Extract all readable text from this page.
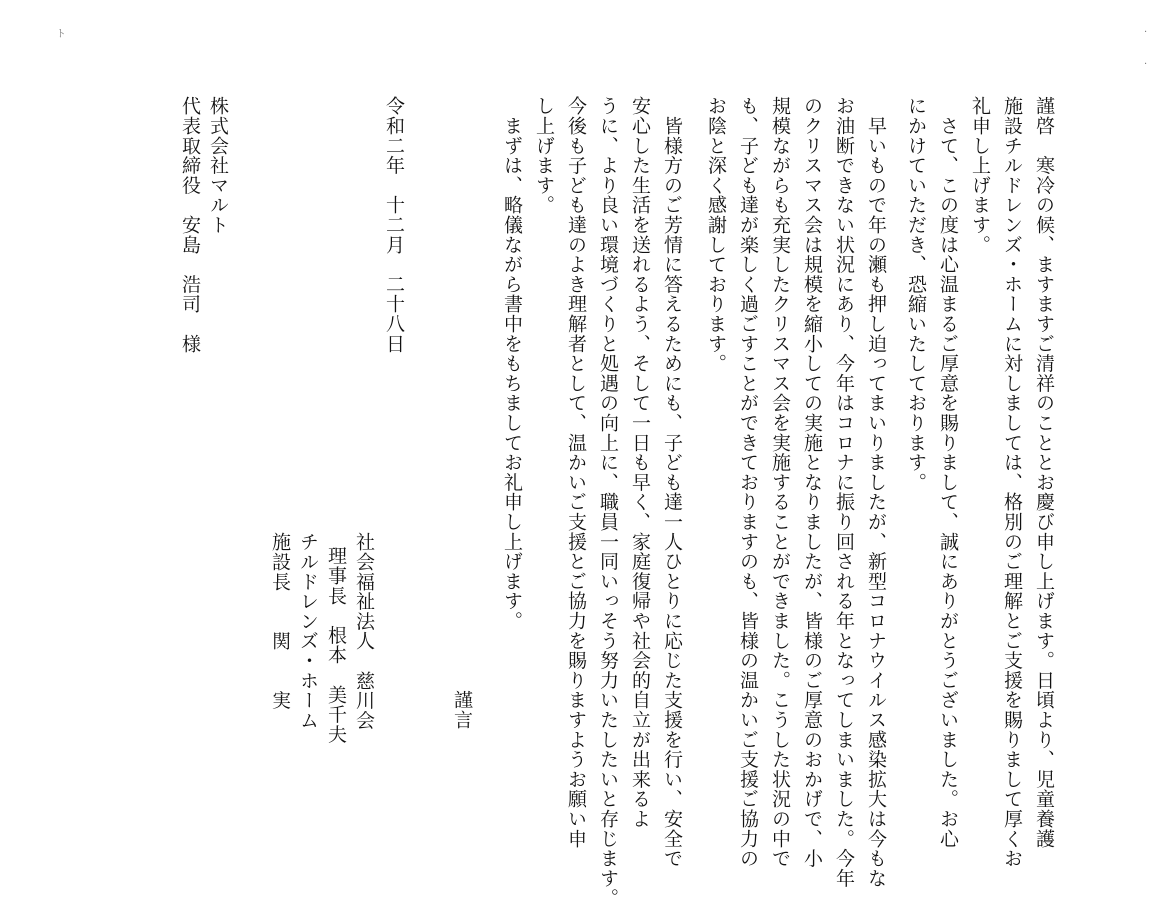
謹啓　寒冷の候、ますますご清祥のこととお慶び申し上げます。日頃より、児童養護
施設チルドレンズ・ホームに対しましては、格別のご理解とご支援を賜りまして厚くお
礼申し上げます。
　さて、この度は心温まるご厚意を賜りまして、誠にありがとうございました。お心
にかけていただき、恐縮いたしております。
　早いもので年の瀬も押し迫ってまいりましたが、新型コロナウイルス感染拡大は今もな
お油断できない状況にあり、今年はコロナに振り回される年となってしまいました。今年
のクリスマス会は規模を縮小しての実施となりましたが、皆様のご厚意のおかげで、小
規模ながらも充実したクリスマス会を実施することができました。こうした状況の中で
も、子ども達が楽しく過ごすことができておりますのも、皆様の温かいご支援ご協力の
お陰と深く感謝しております。
　皆様方のご芳情に答えるためにも、子ども達一人ひとりに応じた支援を行い、安全で
安心した生活を送れるよう、そして一日も早く、家庭復帰や社会的自立が出来るよ
うに、より良い環境づくりと処遇の向上に、職員一同いっそう努力いたしたいと存じます。
今後も子ども達のよき理解者として、温かいご支援とご協力を賜りますようお願い申
し上げます。
　まずは、略儀ながら書中をもちましてお礼申し上げます。
謹言
社会福祉法人　慈川会
理事長　根本　美千夫
チルドレンズ・ホーム
施設長　　関　　実
令和二年　十二月　二十八日
株式会社マルト
代表取締役　安島　浩司　様
ト	·
·
